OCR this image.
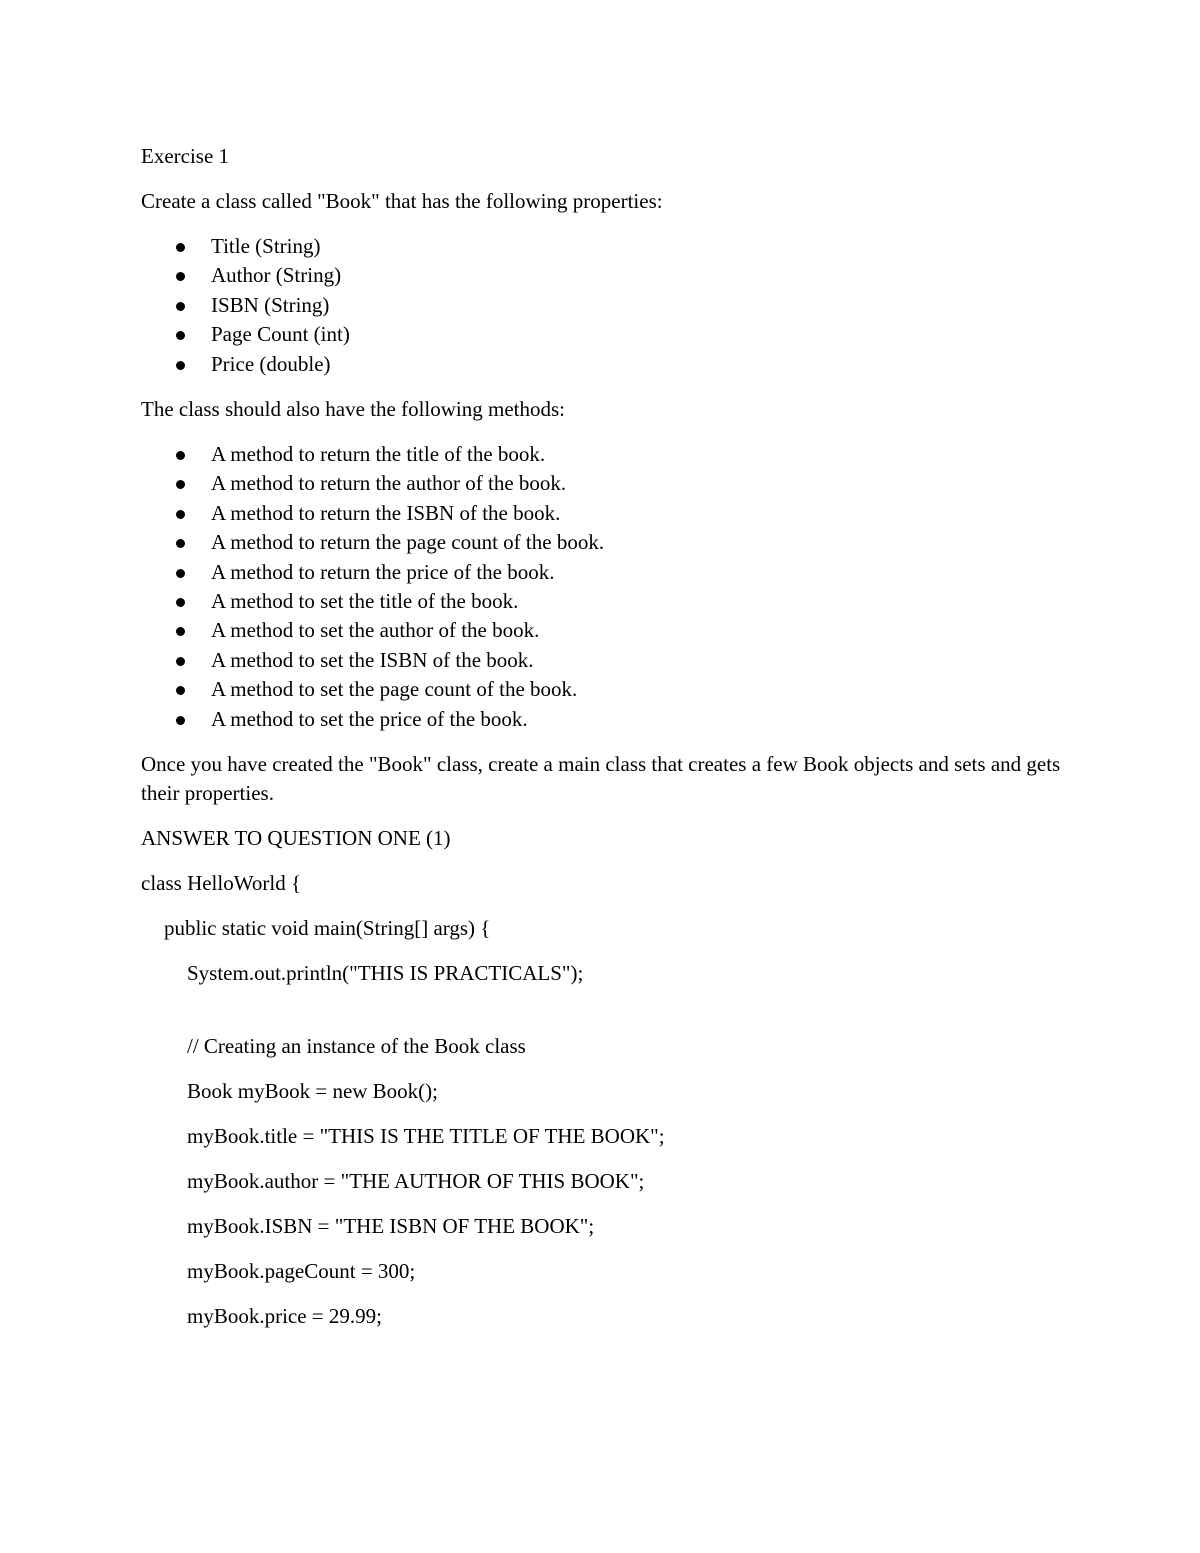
Exercise 1

Create a class called "Book" that has the following properties:

Title (String)
Author (String)
ISBN (String)
Page Count (int)
Price (double)

The class should also have the following methods:

A method to return the title of the book.
A method to return the author of the book.
A method to return the ISBN of the book.
A method to return the page count of the book.
A method to return the price of the book.
A method to set the title of the book.
A method to set the author of the book.
A method to set the ISBN of the book.
A method to set the page count of the book.
A method to set the price of the book.

Once you have created the "Book" class, create a main class that creates a few Book objects and sets and gets their properties.

ANSWER TO QUESTION ONE (1)

class HelloWorld {

public static void main(String[] args) {

System.out.println("THIS IS PRACTICALS");

// Creating an instance of the Book class

Book myBook = new Book();

myBook.title = "THIS IS THE TITLE OF THE BOOK";

myBook.author = "THE AUTHOR OF THIS BOOK";

myBook.ISBN = "THE ISBN OF THE BOOK";

myBook.pageCount = 300;

myBook.price = 29.99;
